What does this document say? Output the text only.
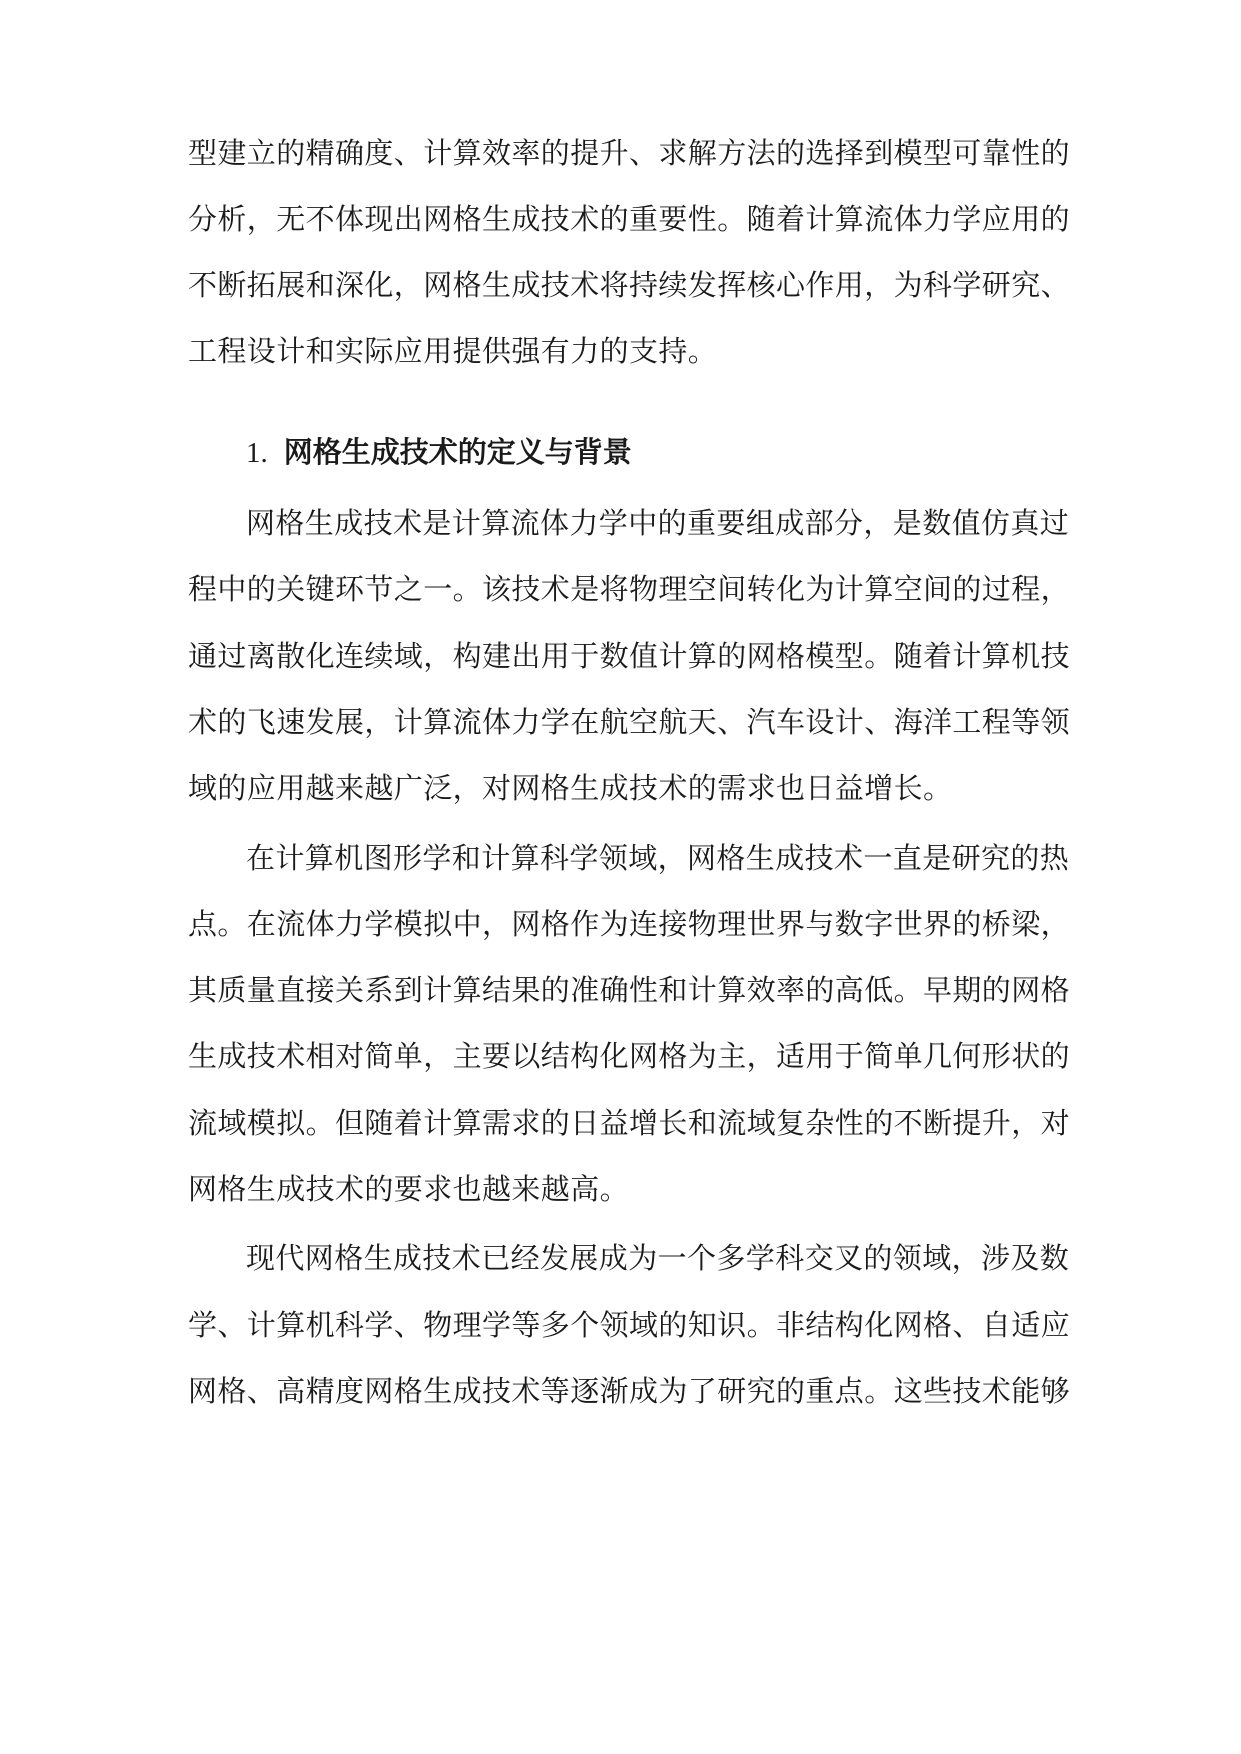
型建立的精确度、计算效率的提升、求解方法的选择到模型可靠性的
分析，无不体现出网格生成技术的重要性。随着计算流体力学应用的
不断拓展和深化，网格生成技术将持续发挥核心作用，为科学研究、
工程设计和实际应用提供强有力的支持。
1. 网格生成技术的定义与背景
网格生成技术是计算流体力学中的重要组成部分，是数值仿真过
程中的关键环节之一。该技术是将物理空间转化为计算空间的过程，
通过离散化连续域，构建出用于数值计算的网格模型。随着计算机技
术的飞速发展，计算流体力学在航空航天、汽车设计、海洋工程等领
域的应用越来越广泛，对网格生成技术的需求也日益增长。
在计算机图形学和计算科学领域，网格生成技术一直是研究的热
点。在流体力学模拟中，网格作为连接物理世界与数字世界的桥梁，
其质量直接关系到计算结果的准确性和计算效率的高低。早期的网格
生成技术相对简单，主要以结构化网格为主，适用于简单几何形状的
流域模拟。但随着计算需求的日益增长和流域复杂性的不断提升，对
网格生成技术的要求也越来越高。
现代网格生成技术已经发展成为一个多学科交叉的领域，涉及数
学、计算机科学、物理学等多个领域的知识。非结构化网格、自适应
网格、高精度网格生成技术等逐渐成为了研究的重点。这些技术能够
